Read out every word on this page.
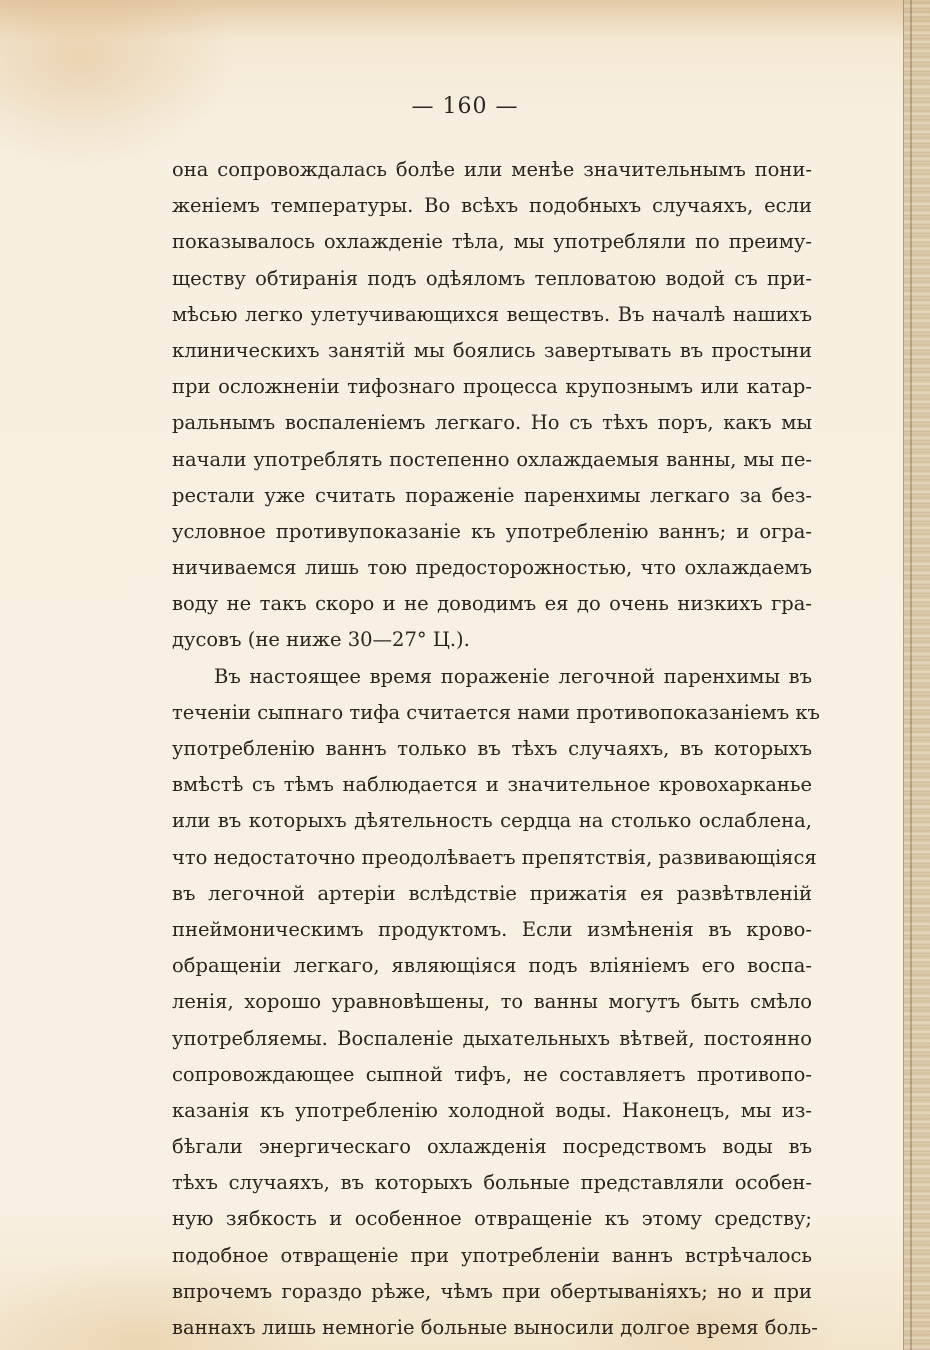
— 160 —
она сопровождалась болѣе или менѣе значительнымъ пони-
женіемъ температуры. Во всѣхъ подобныхъ случаяхъ, если
показывалось охлажденіе тѣла, мы употребляли по преиму-
ществу обтиранія подъ одѣяломъ тепловатою водой съ при-
мѣсью легко улетучивающихся веществъ. Въ началѣ нашихъ
клиническихъ занятій мы боялись завертывать въ простыни
при осложненіи тифознаго процесса крупознымъ или катар-
ральнымъ воспаленіемъ легкаго. Но съ тѣхъ поръ, какъ мы
начали употреблять постепенно охлаждаемыя ванны, мы пе-
рестали уже считать пораженіе паренхимы легкаго за без-
условное противупоказаніе къ употребленію ваннъ; и огра-
ничиваемся лишь тою предосторожностью, что охлаждаемъ
воду не такъ скоро и не доводимъ ея до очень низкихъ гра-
дусовъ (не ниже 30—27° Ц.).
Въ настоящее время пораженіе легочной паренхимы въ
теченіи сыпнаго тифа считается нами противопоказаніемъ къ
употребленію ваннъ только въ тѣхъ случаяхъ, въ которыхъ
вмѣстѣ съ тѣмъ наблюдается и значительное кровохарканье
или въ которыхъ дѣятельность сердца на столько ослаблена,
что недостаточно преодолѣваетъ препятствія, развивающіяся
въ легочной артеріи вслѣдствіе прижатія ея развѣтвленій
пнеймоническимъ продуктомъ. Если измѣненія въ крово-
обращеніи легкаго, являющіяся подъ вліяніемъ его воспа-
ленія, хорошо уравновѣшены, то ванны могутъ быть смѣло
употребляемы. Воспаленіе дыхательныхъ вѣтвей, постоянно
сопровождающее сыпной тифъ, не составляетъ противопо-
казанія къ употребленію холодной воды. Наконецъ, мы из-
бѣгали энергическаго охлажденія посредствомъ воды въ
тѣхъ случаяхъ, въ которыхъ больные представляли особен-
ную зябкость и особенное отвращеніе къ этому средству;
подобное отвращеніе при употребленіи ваннъ встрѣчалось
впрочемъ гораздо рѣже, чѣмъ при обертываніяхъ; но и при
ваннахъ лишь немногіе больные выносили долгое время боль-
